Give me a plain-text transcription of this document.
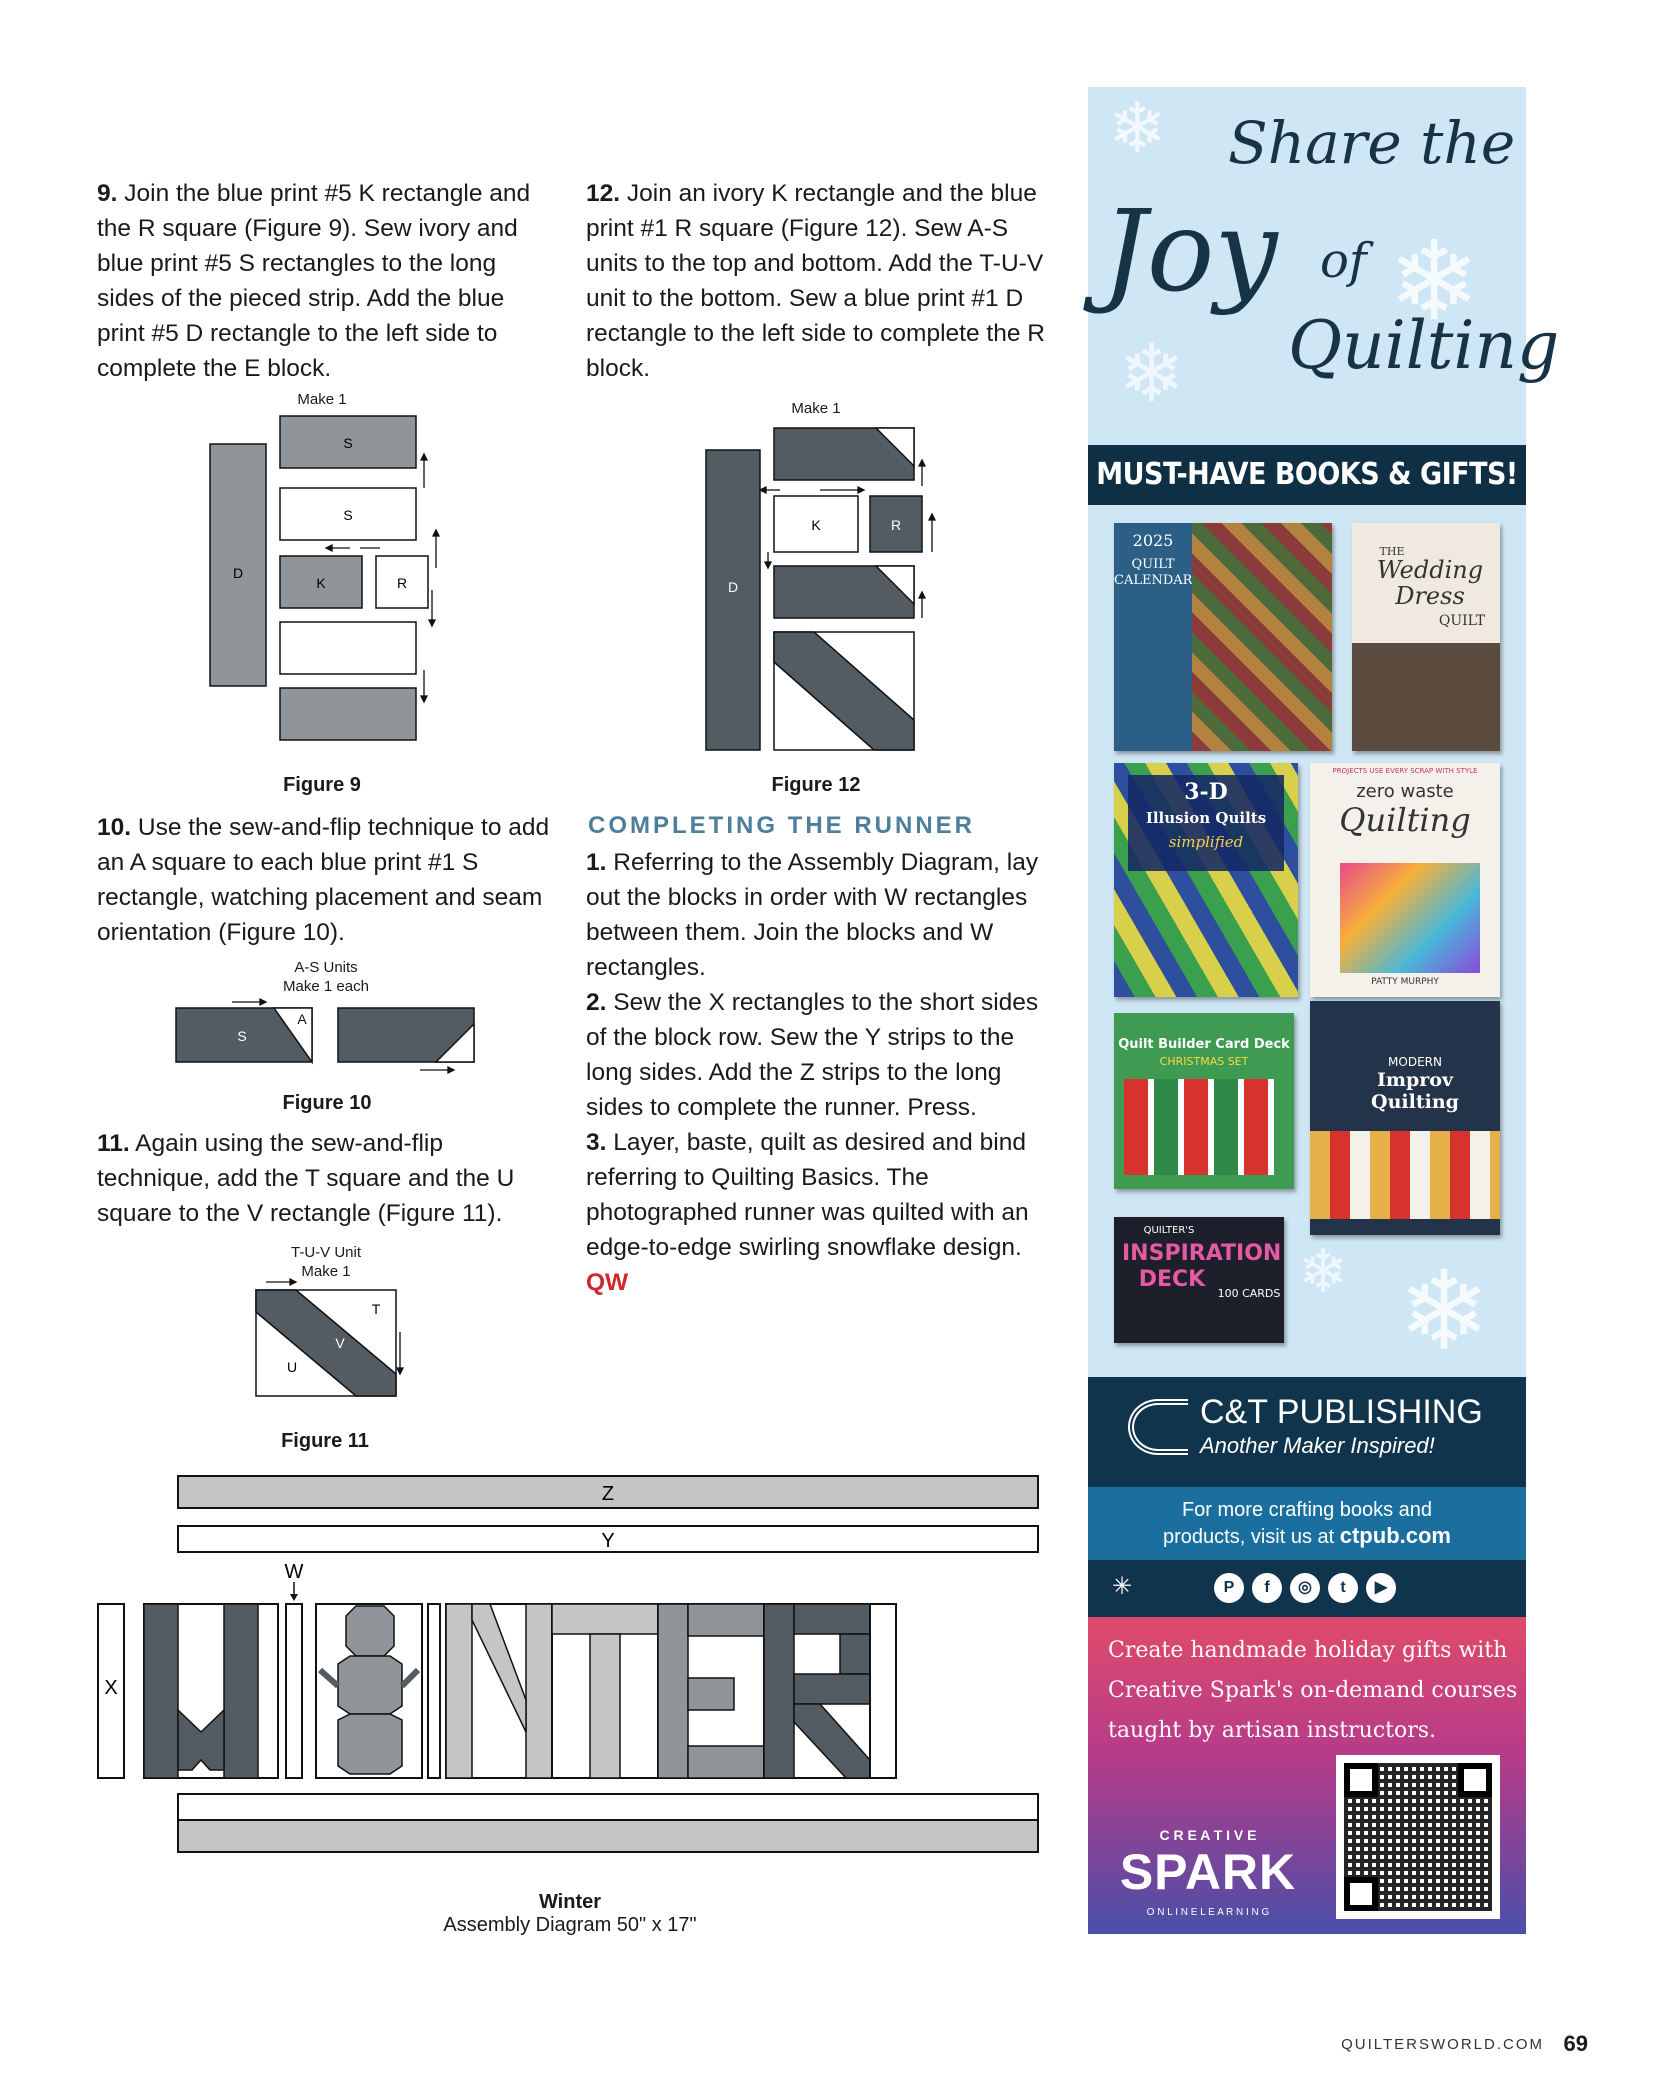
9. Join the blue print #5 K rectangle and the R square (Figure 9). Sew ivory and blue print #5 S rectangles to the long sides of the pieced strip. Add the blue print #5 D rectangle to the left side to complete the E block.

Make 1
D
S
S
K	R
Figure 9

10. Use the sew-and-flip technique to add an A square to each blue print #1 S rectangle, watching placement and seam orientation (Figure 10).

A-S Units
Make 1 each
S
A
Figure 10

11. Again using the sew-and-flip technique, add the T square and the U square to the V rectangle (Figure 11).

T-U-V Unit
Make 1
T
V
U
Figure 11

12. Join an ivory K rectangle and the blue print #1 R square (Figure 12). Sew A-S units to the top and bottom. Add the T-U-V unit to the bottom. Sew a blue print #1 D rectangle to the left side to complete the R block.

Make 1
D
K	R
Figure 12
COMPLETING THE RUNNER

1. Referring to the Assembly Diagram, lay out the blocks in order with W rectangles between them. Join the blocks and W rectangles.

2. Sew the X rectangles to the short sides of the block row. Sew the Y strips to the long sides. Add the Z strips to the long sides to complete the runner. Press.

3. Layer, baste, quilt as desired and bind referring to Quilting Basics. The photographed runner was quilted with an edge-to-edge swirling snowflake design. QW

Z
Y
W
X
Winter
Assembly Diagram 50" x 17"
❄
❄
❄
❄
❄
Share the
Joy of
Quilting
MUST-HAVE BOOKS & GIFTS!
2025
QUILT CALENDAR
THE
Wedding Dress
QUILT
3-D
Illusion Quilts
simplified
PROJECTS USE EVERY SCRAP WITH STYLE
zero waste
Quilting
PATTY MURPHY
Quilt Builder Card Deck
CHRISTMAS SET	MODERN
Improv Quilting
QUILTER'S
INSPIRATION DECK
100 CARDS
C&T PUBLISHING
Another Maker Inspired!
For more crafting books and
products, visit us at ctpub.com
✳	P	f	◎	t	▶
Create handmade holiday gifts with Creative Spark's on-demand courses taught by artisan instructors.
C R E A T I V E
SPARK
O N L I N E L E A R N I N G
QUILTERSWORLD.COM 69
